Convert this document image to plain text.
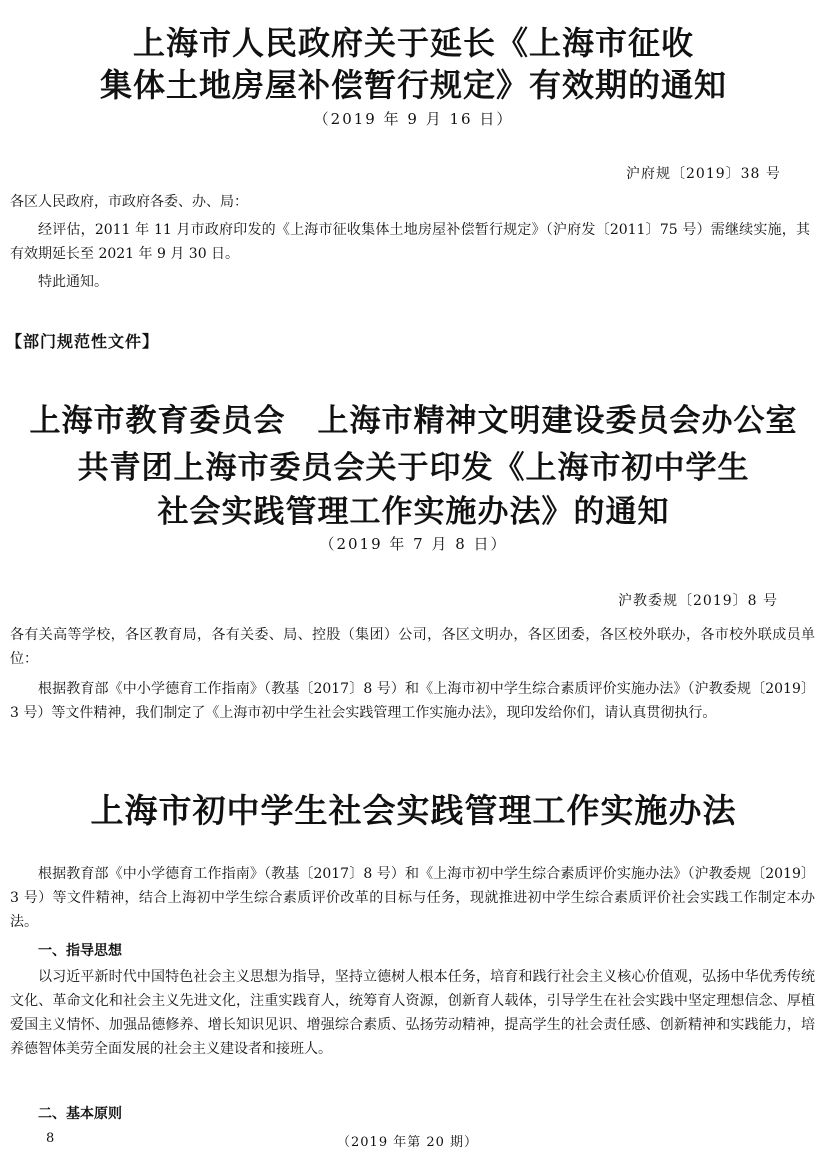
上海市人民政府关于延长《上海市征收
集体土地房屋补偿暂行规定》有效期的通知
（2019 年 9 月 16 日）
沪府规〔2019〕38 号
各区人民政府，市政府各委、办、局：
经评估，2011 年 11 月市政府印发的《上海市征收集体土地房屋补偿暂行规定》（沪府发〔2011〕75 号）需继续实施，其有效期延长至 2021 年 9 月 30 日。
特此通知。
【部门规范性文件】
上海市教育委员会　上海市精神文明建设委员会办公室
共青团上海市委员会关于印发《上海市初中学生
社会实践管理工作实施办法》的通知
（2019 年 7 月 8 日）
沪教委规〔2019〕8 号
各有关高等学校，各区教育局，各有关委、局、控股（集团）公司，各区文明办，各区团委，各区校外联办，各市校外联成员单位：
根据教育部《中小学德育工作指南》（教基〔2017〕8 号）和《上海市初中学生综合素质评价实施办法》（沪教委规〔2019〕3 号）等文件精神，我们制定了《上海市初中学生社会实践管理工作实施办法》，现印发给你们，请认真贯彻执行。
上海市初中学生社会实践管理工作实施办法
根据教育部《中小学德育工作指南》（教基〔2017〕8 号）和《上海市初中学生综合素质评价实施办法》（沪教委规〔2019〕3 号）等文件精神，结合上海初中学生综合素质评价改革的目标与任务，现就推进初中学生综合素质评价社会实践工作制定本办法。
一、指导思想
以习近平新时代中国特色社会主义思想为指导，坚持立德树人根本任务，培育和践行社会主义核心价值观，弘扬中华优秀传统文化、革命文化和社会主义先进文化，注重实践育人，统筹育人资源，创新育人载体，引导学生在社会实践中坚定理想信念、厚植爱国主义情怀、加强品德修养、增长知识见识、增强综合素质、弘扬劳动精神，提高学生的社会责任感、创新精神和实践能力，培养德智体美劳全面发展的社会主义建设者和接班人。
二、基本原则
8	（2019 年第 20 期）
